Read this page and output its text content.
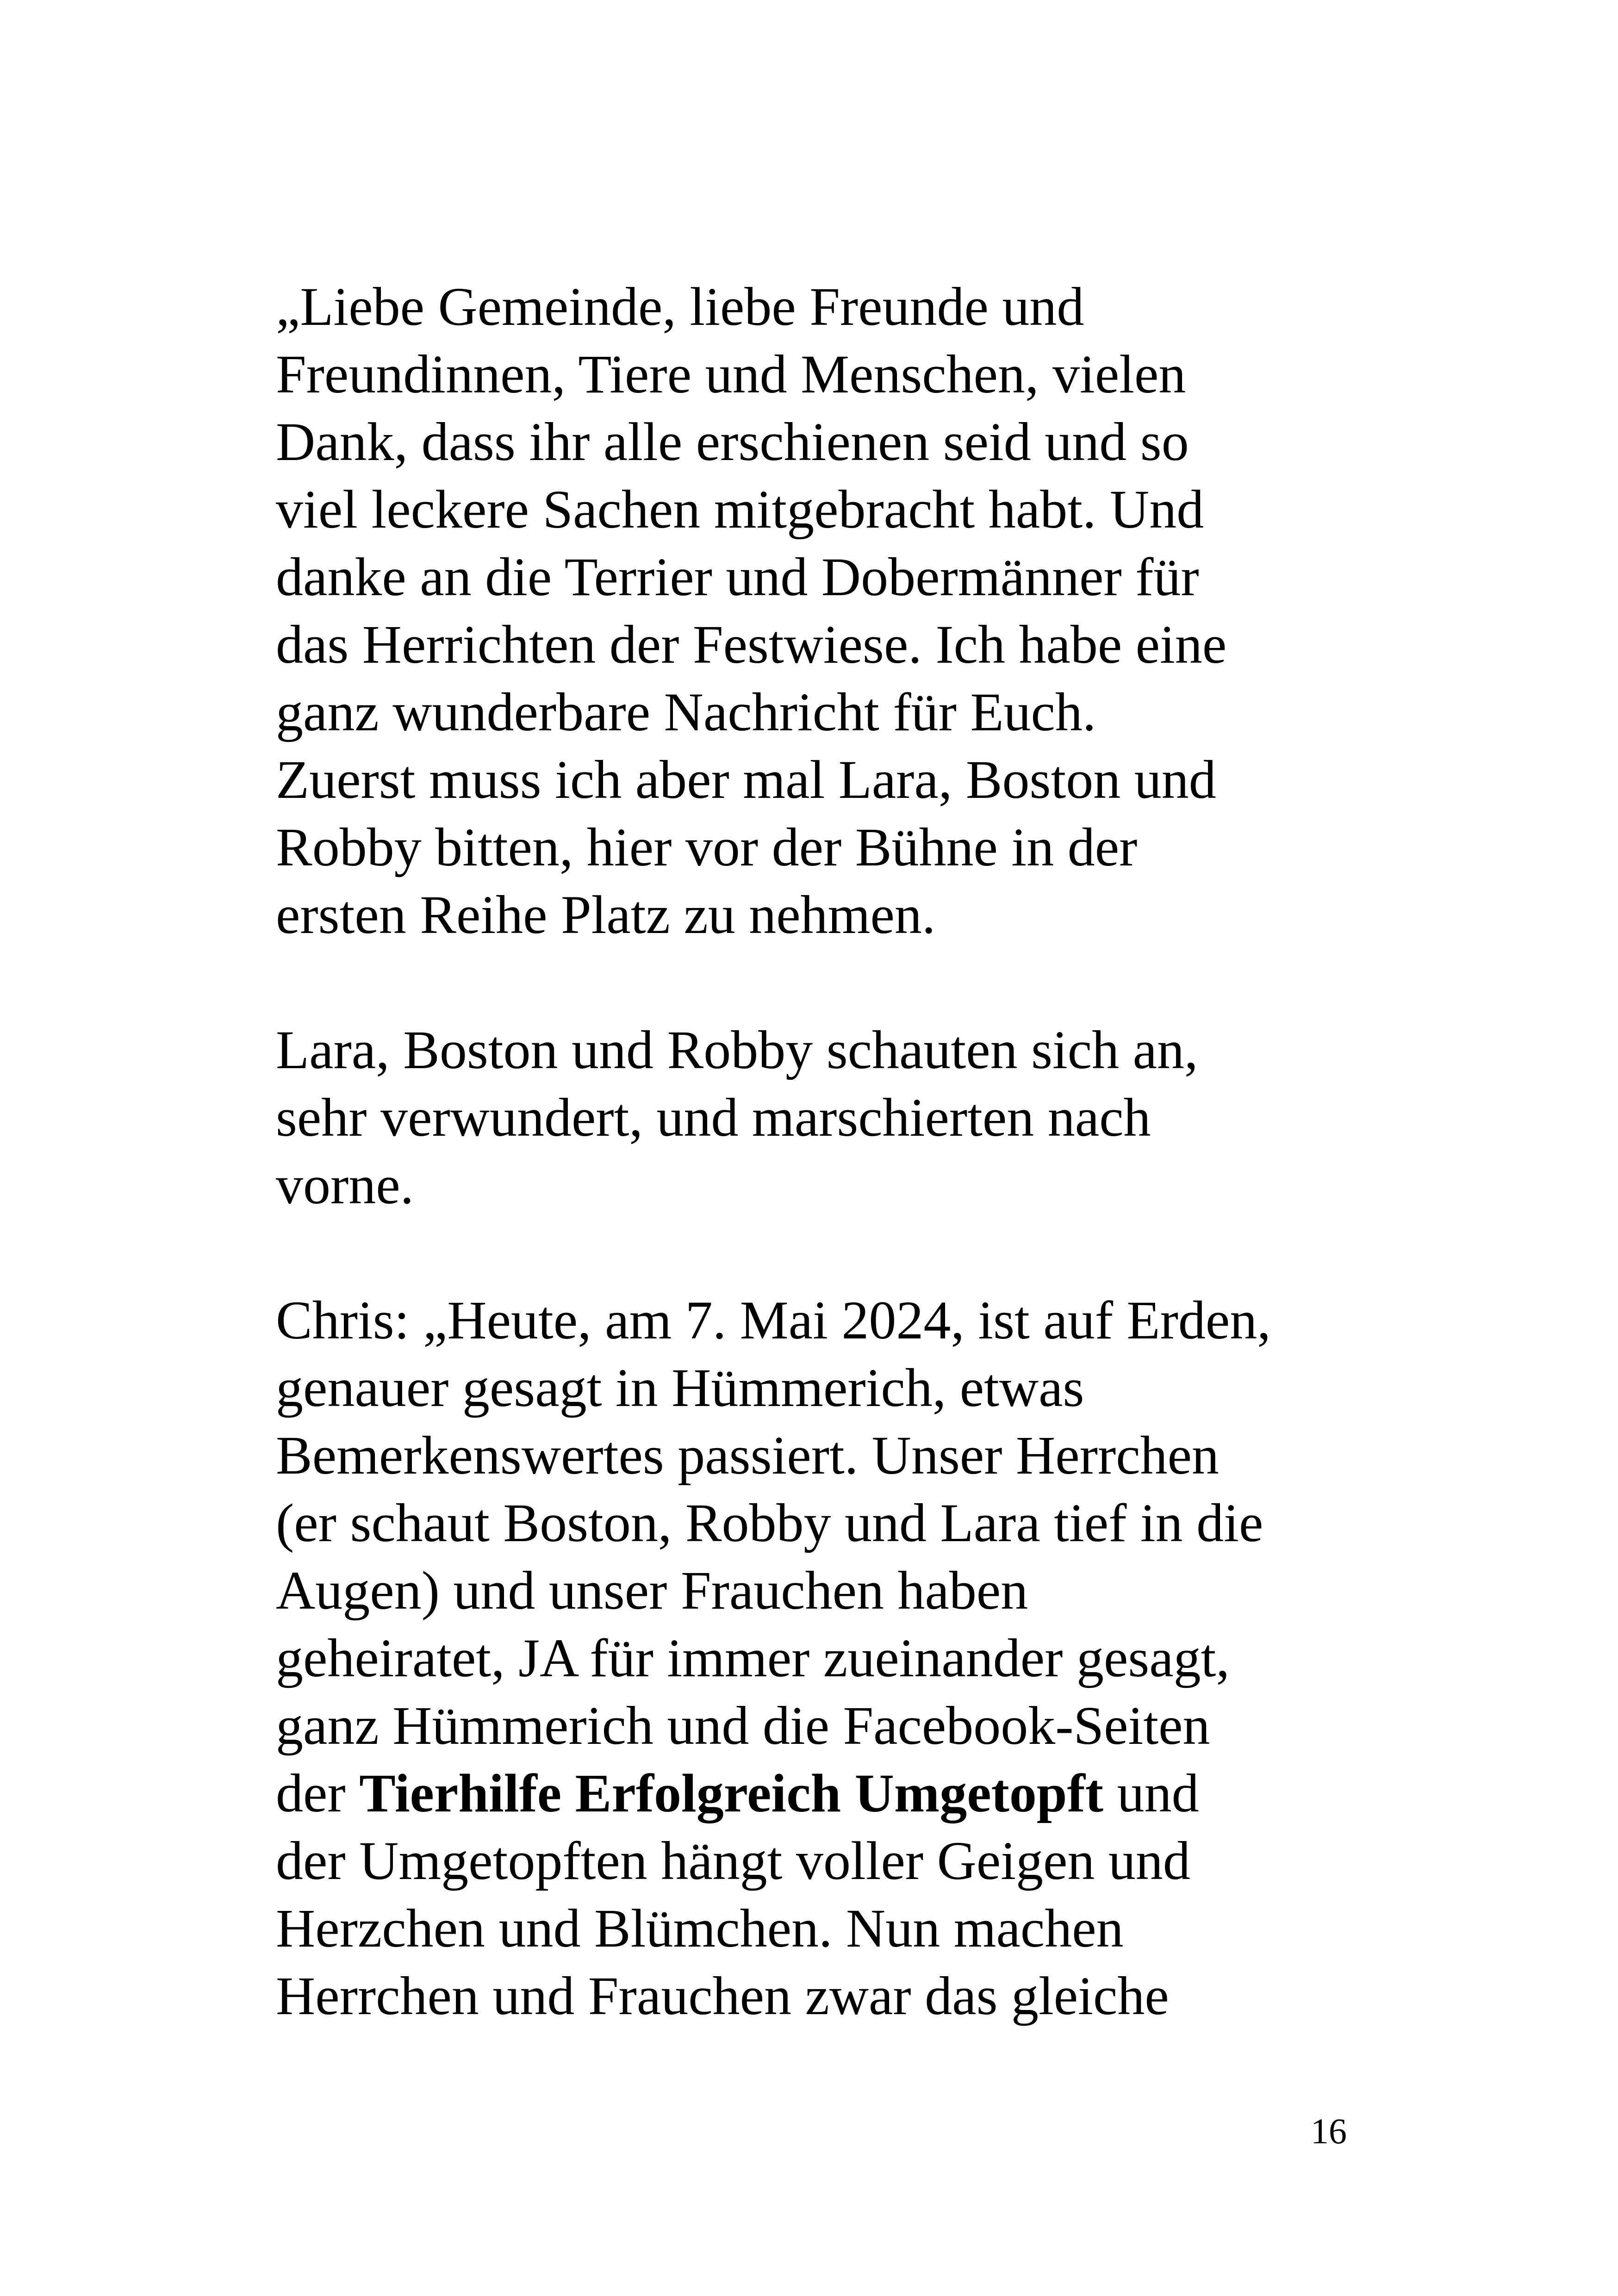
„Liebe Gemeinde, liebe Freunde und
Freundinnen, Tiere und Menschen, vielen
Dank, dass ihr alle erschienen seid und so
viel leckere Sachen mitgebracht habt. Und
danke an die Terrier und Dobermänner für
das Herrichten der Festwiese. Ich habe eine
ganz wunderbare Nachricht für Euch.
Zuerst muss ich aber mal Lara, Boston und
Robby bitten, hier vor der Bühne in der
ersten Reihe Platz zu nehmen.
Lara, Boston und Robby schauten sich an,
sehr verwundert, und marschierten nach
vorne.
Chris: „Heute, am 7. Mai 2024, ist auf Erden,
genauer gesagt in Hümmerich, etwas
Bemerkenswertes passiert. Unser Herrchen
(er schaut Boston, Robby und Lara tief in die
Augen) und unser Frauchen haben
geheiratet, JA für immer zueinander gesagt,
ganz Hümmerich und die Facebook-Seiten
der Tierhilfe Erfolgreich Umgetopft und
der Umgetopften hängt voller Geigen und
Herzchen und Blümchen. Nun machen
Herrchen und Frauchen zwar das gleiche
16
